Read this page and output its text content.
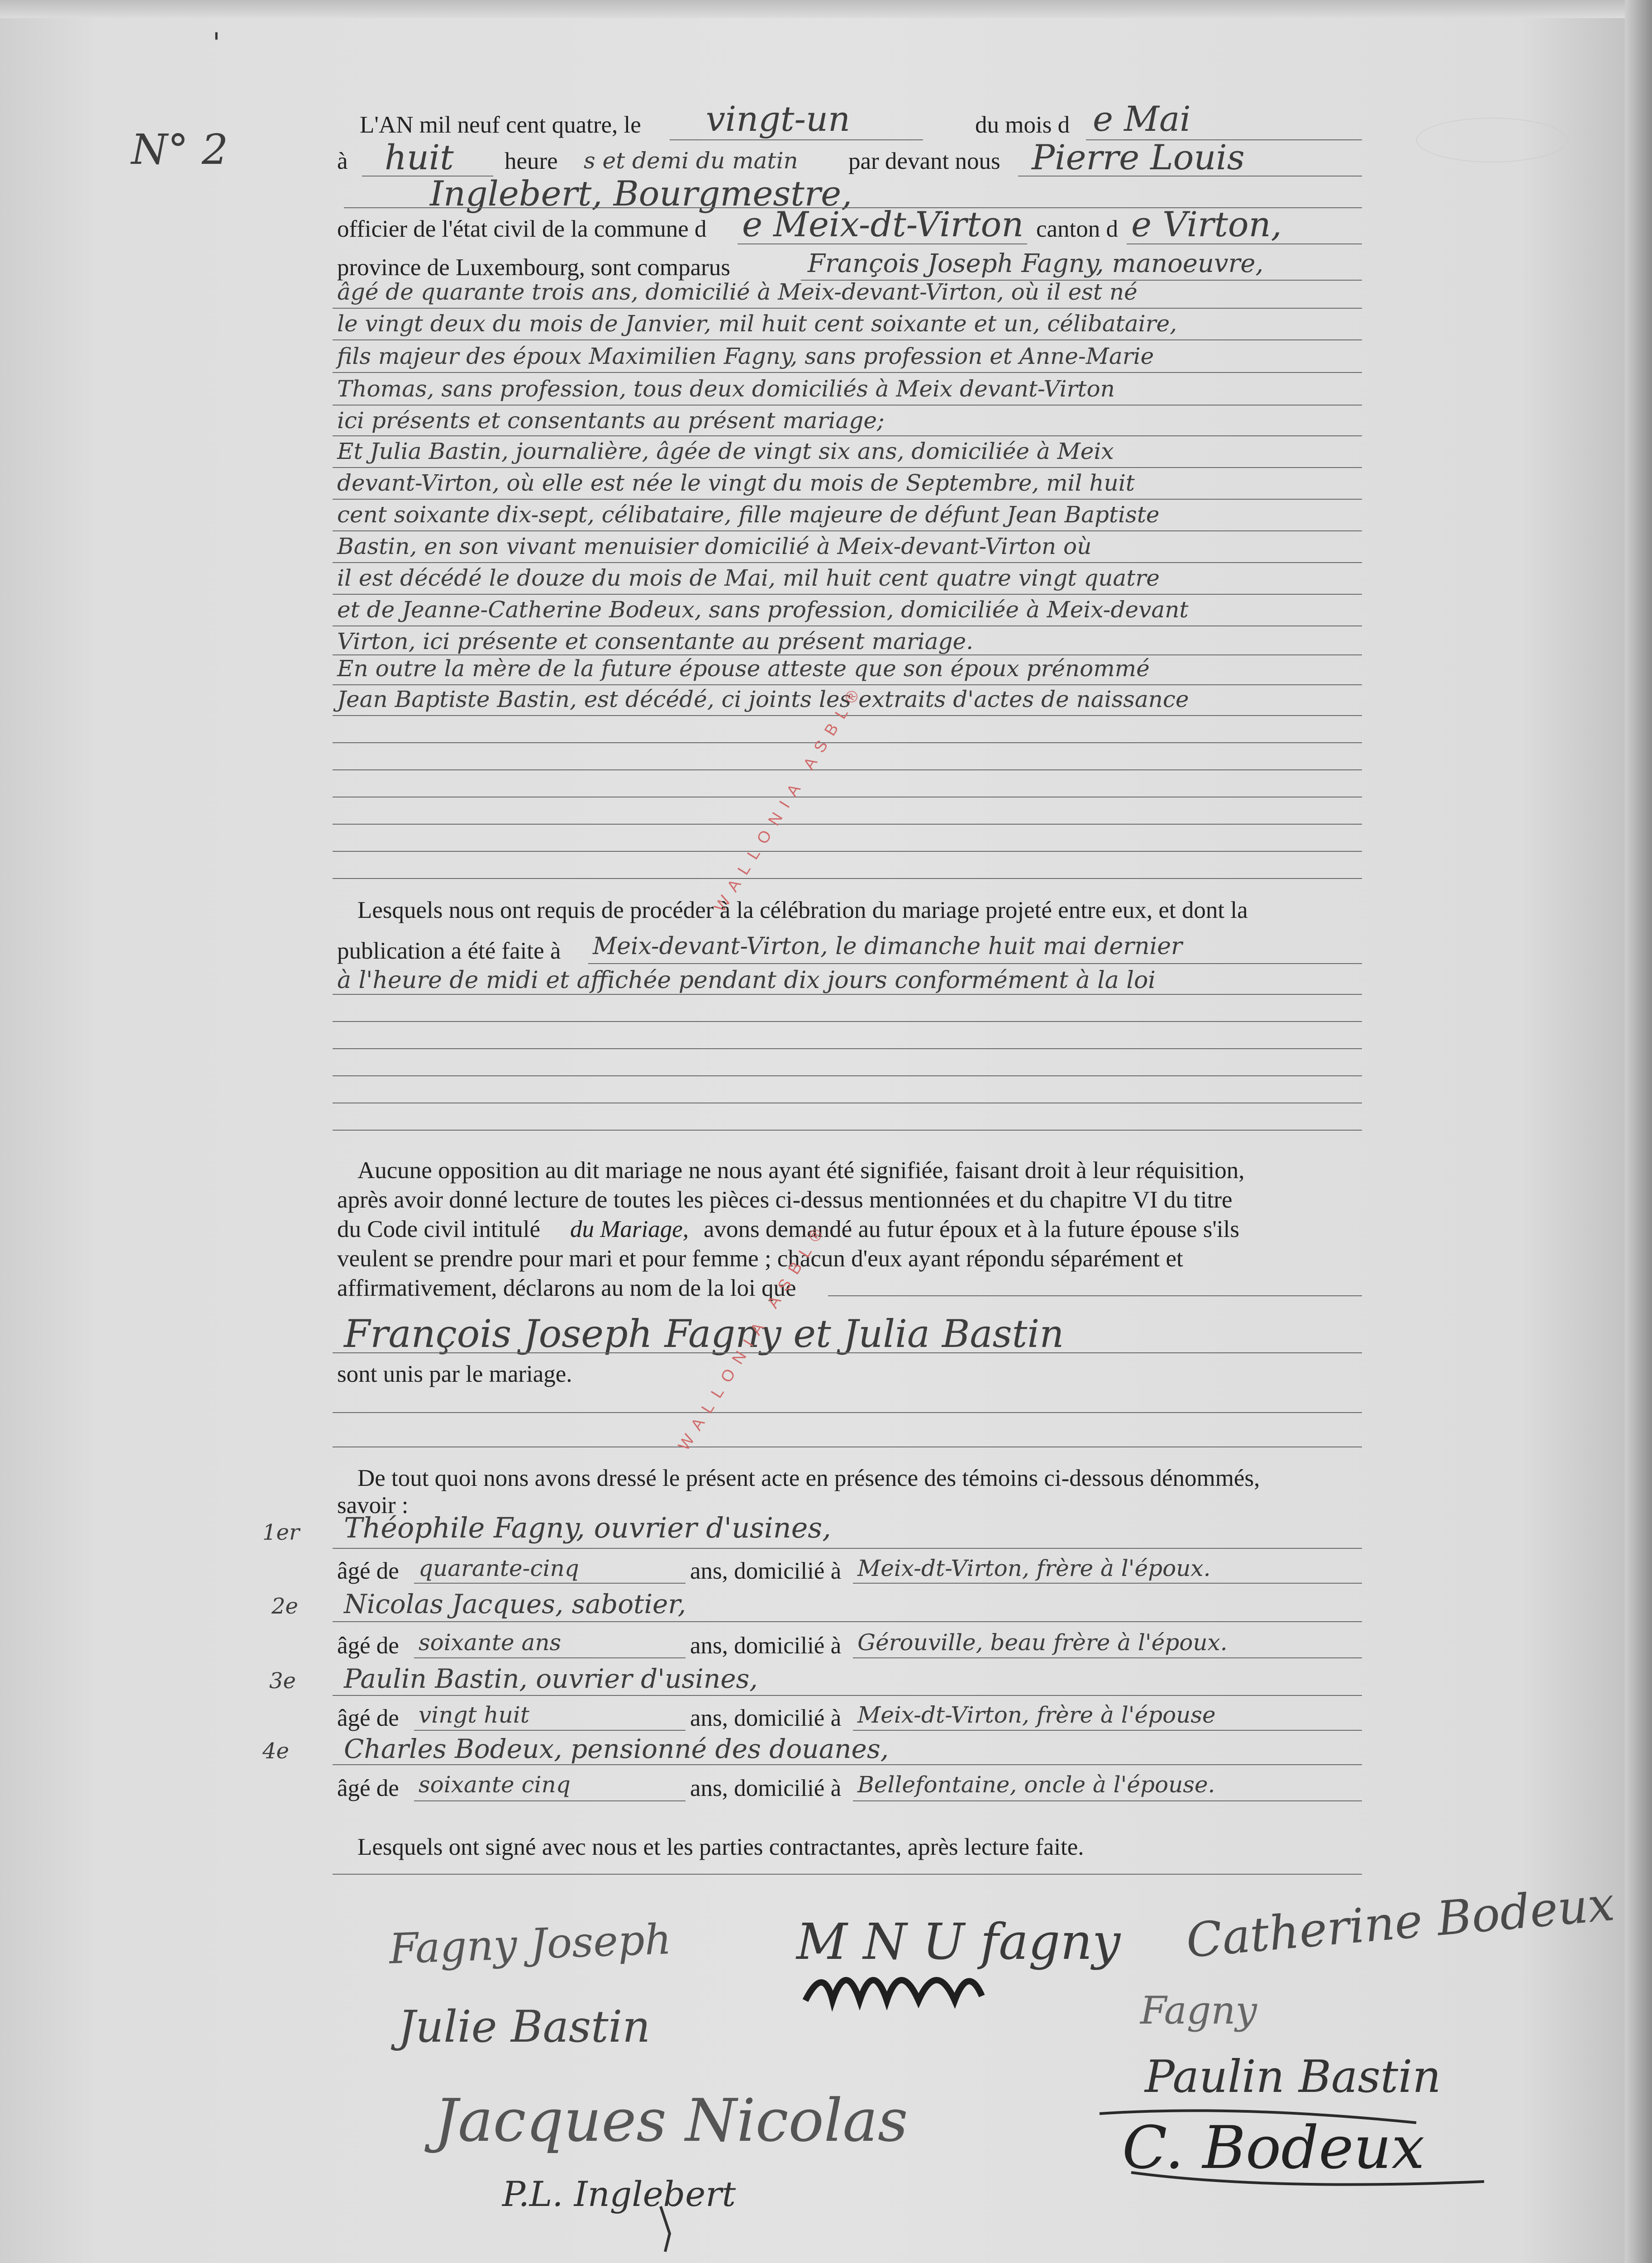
'
N° 2
L'AN mil neuf cent quatre, le vingt-un	du mois d e Mai
à huit heure s et demi du matin par devant nous Pierre Louis
Inglebert, Bourgmestre,
officier de l'état civil de la commune d e Meix-dt-Virton canton d e Virton,
province de Luxembourg, sont comparus	François Joseph Fagny, manoeuvre,
âgé de quarante trois ans, domicilié à Meix-devant-Virton, où il est né
le vingt deux du mois de Janvier, mil huit cent soixante et un, célibataire,
fils majeur des époux Maximilien Fagny, sans profession et Anne-Marie
Thomas, sans profession, tous deux domiciliés à Meix devant-Virton
ici présents et consentants au présent mariage;
Et Julia Bastin, journalière, âgée de vingt six ans, domiciliée à Meix
devant-Virton, où elle est née le vingt du mois de Septembre, mil huit
cent soixante dix-sept, célibataire, fille majeure de défunt Jean Baptiste
Bastin, en son vivant menuisier domicilié à Meix-devant-Virton où
il est décédé le douze du mois de Mai, mil huit cent quatre vingt quatre
et de Jeanne-Catherine Bodeux, sans profession, domiciliée à Meix-devant
Virton, ici présente et consentante au présent mariage.
En outre la mère de la future épouse atteste que son époux prénommé
Jean Baptiste Bastin, est décédé, ci joints les extraits d'actes de naissance
WALLONIA ASBL®
Lesquels nous ont requis de procéder à la célébration du mariage projeté entre eux, et dont la
publication a été faite à Meix-devant-Virton, le dimanche huit mai dernier
à l'heure de midi et affichée pendant dix jours conformément à la loi
Aucune opposition au dit mariage ne nous ayant été signifiée, faisant droit à leur réquisition,
après avoir donné lecture de toutes les pièces ci-dessus mentionnées et du chapitre VI du titre
du Code civil intitulé du Mariage, avons demandé au futur époux et à la future épouse s'ils
veulent se prendre pour mari et pour femme ; chacun d'eux ayant répondu séparément et
affirmativement, déclarons au nom de la loi que
François Joseph Fagny et Julia Bastin
sont unis par le mariage.	WALLONIA ASBL®
De tout quoi nons avons dressé le présent acte en présence des témoins ci-dessous dénommés,
savoir :
1er Théophile Fagny, ouvrier d'usines,
âgé de quarante-cinq	ans, domicilié à Meix-dt-Virton, frère à l'époux.
2e Nicolas Jacques, sabotier,
âgé de soixante ans	ans, domicilié à Gérouville, beau frère à l'époux.
3e Paulin Bastin, ouvrier d'usines,
âgé de vingt huit	ans, domicilié à Meix-dt-Virton, frère à l'épouse
4e Charles Bodeux, pensionné des douanes,
âgé de soixante cinq	ans, domicilié à Bellefontaine, oncle à l'épouse.
Lesquels ont signé avec nous et les parties contractantes, après lecture faite.
Fagny Joseph M N U fagny Catherine Bodeux
Julie Bastin	Fagny
Paulin Bastin
Jacques Nicolas	C. Bodeux
P.L. Inglebert
